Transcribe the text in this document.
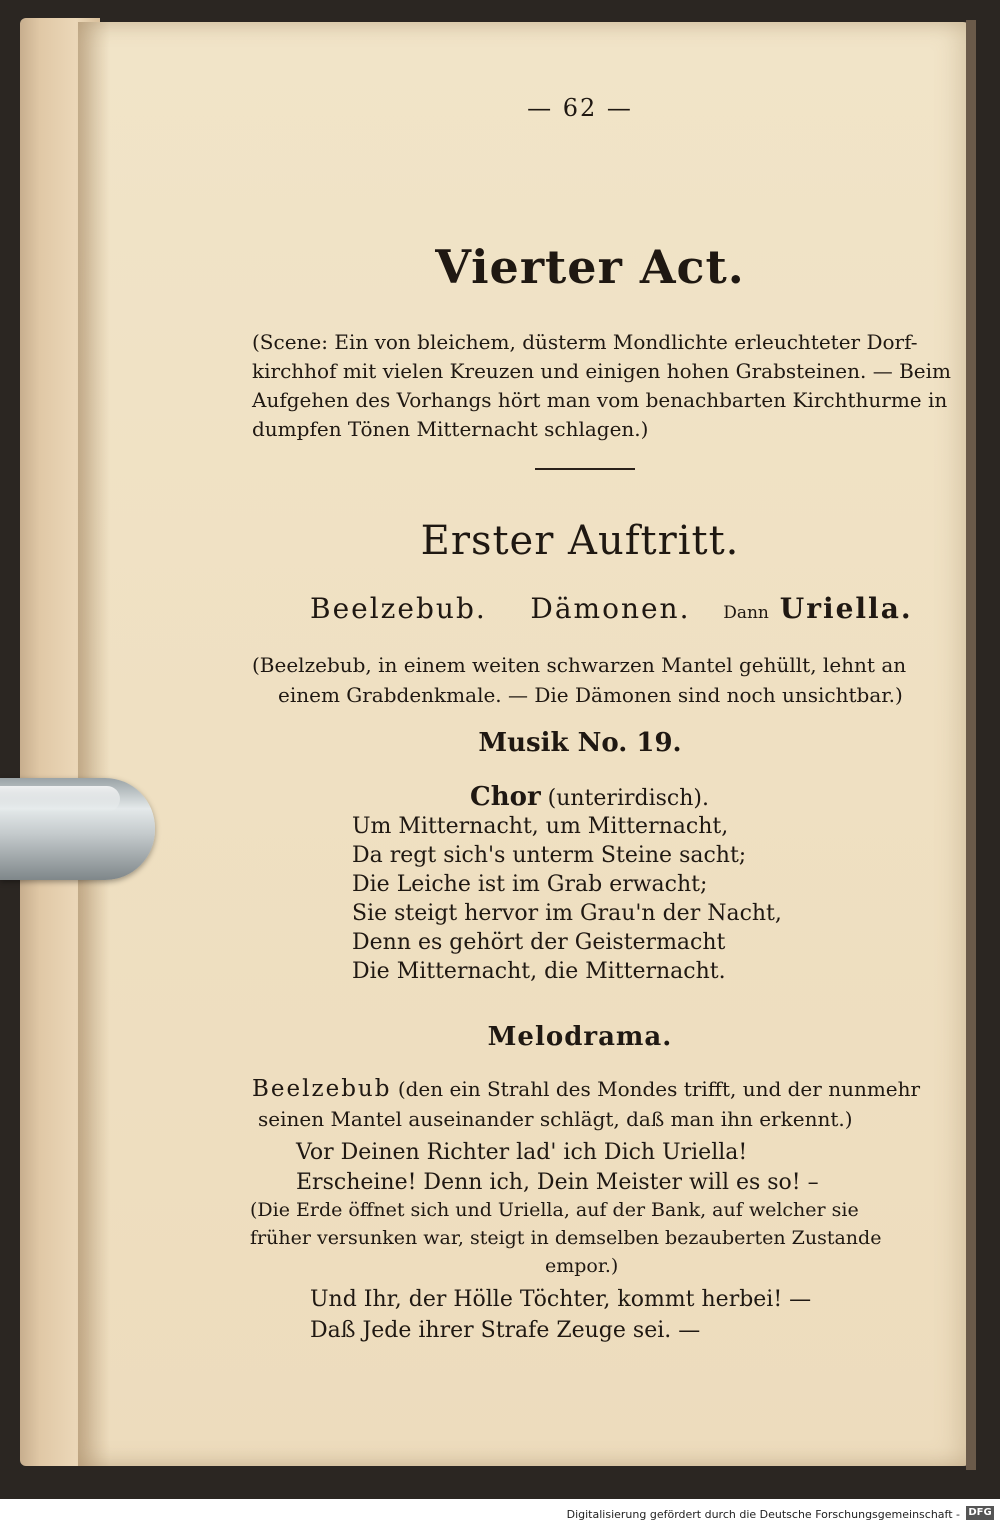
— 62 —
Vierter Act.
(Scene: Ein von bleichem, düsterm Mondlichte erleuchteter Dorf-
kirchhof mit vielen Kreuzen und einigen hohen Grabsteinen. — Beim
Aufgehen des Vorhangs hört man vom benachbarten Kirchthurme in
dumpfen Tönen Mitternacht schlagen.)
Erster Auftritt.
Beelzebub. Dämonen. Dann Uriella.
(Beelzebub, in einem weiten schwarzen Mantel gehüllt, lehnt an
einem Grabdenkmale. — Die Dämonen sind noch unsichtbar.)
Musik No. 19.
Chor (unterirdisch).
Um Mitternacht, um Mitternacht,
Da regt sich's unterm Steine sacht;
Die Leiche ist im Grab erwacht;
Sie steigt hervor im Grau'n der Nacht,
Denn es gehört der Geistermacht
Die Mitternacht, die Mitternacht.
Melodrama.
Beelzebub (den ein Strahl des Mondes trifft, und der nunmehr
seinen Mantel auseinander schlägt, daß man ihn erkennt.)
Vor Deinen Richter lad' ich Dich Uriella!
Erscheine! Denn ich, Dein Meister will es so! –
(Die Erde öffnet sich und Uriella, auf der Bank, auf welcher sie
früher versunken war, steigt in demselben bezauberten Zustande
empor.)
Und Ihr, der Hölle Töchter, kommt herbei! —
Daß Jede ihrer Strafe Zeuge sei. —
Digitalisierung gefördert durch die Deutsche Forschungsgemeinschaft - DFG
